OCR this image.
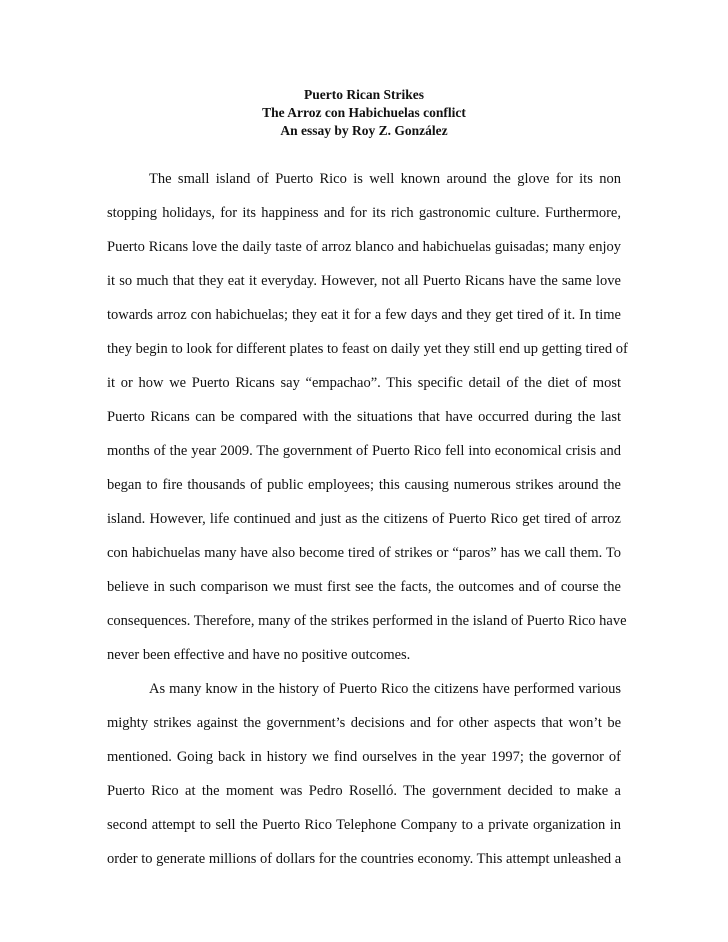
Puerto Rican Strikes
The Arroz con Habichuelas conflict
An essay by Roy Z. González
The small island of Puerto Rico is well known around the glove for its non
stopping holidays, for its happiness and for its rich gastronomic culture. Furthermore,
Puerto Ricans love the daily taste of arroz blanco and habichuelas guisadas; many enjoy
it so much that they eat it everyday. However, not all Puerto Ricans have the same love
towards arroz con habichuelas; they eat it for a few days and they get tired of it. In time
they begin to look for different plates to feast on daily yet they still end up getting tired of
it or how we Puerto Ricans say “empachao”. This specific detail of the diet of most
Puerto Ricans can be compared with the situations that have occurred during the last
months of the year 2009. The government of Puerto Rico fell into economical crisis and
began to fire thousands of public employees; this causing numerous strikes around the
island. However, life continued and just as the citizens of Puerto Rico get tired of arroz
con habichuelas many have also become tired of strikes or “paros” has we call them. To
believe in such comparison we must first see the facts, the outcomes and of course the
consequences. Therefore, many of the strikes performed in the island of Puerto Rico have
never been effective and have no positive outcomes.
As many know in the history of Puerto Rico the citizens have performed various
mighty strikes against the government’s decisions and for other aspects that won’t be
mentioned. Going back in history we find ourselves in the year 1997; the governor of
Puerto Rico at the moment was Pedro Roselló. The government decided to make a
second attempt to sell the Puerto Rico Telephone Company to a private organization in
order to generate millions of dollars for the countries economy. This attempt unleashed a
